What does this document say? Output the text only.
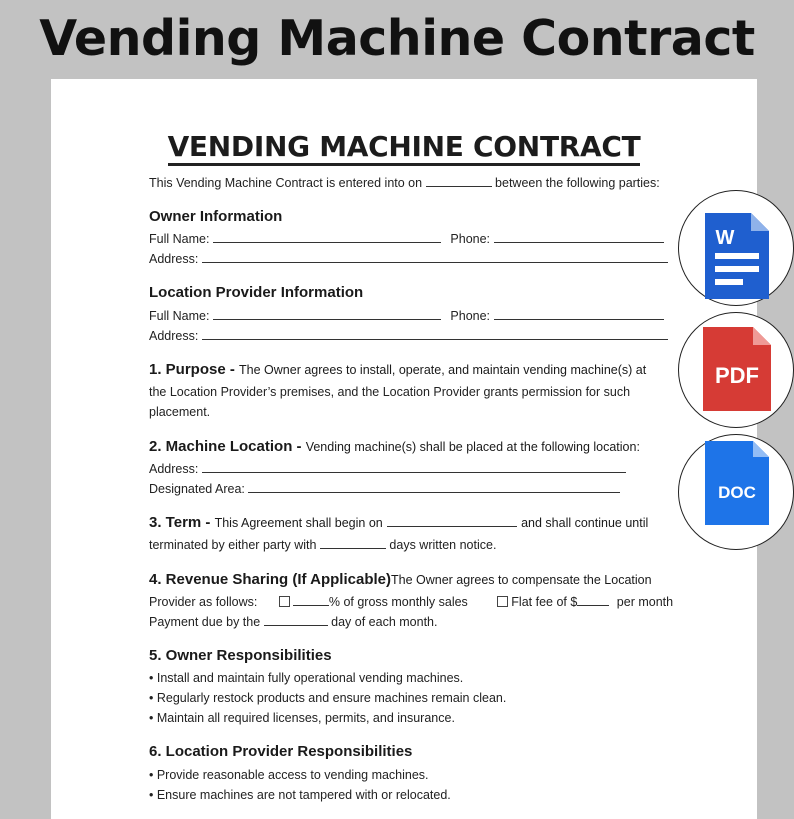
Vending Machine Contract
VENDING MACHINE CONTRACT
This Vending Machine Contract is entered into on	between the following parties:
Owner Information
Full Name:	Phone:
Address:
Location Provider Information
Full Name:	Phone:
Address:
1. Purpose - The Owner agrees to install, operate, and maintain vending machine(s) at
the Location Provider’s premises, and the Location Provider grants permission for such
placement.
2. Machine Location - Vending machine(s) shall be placed at the following location:
Address:
Designated Area:
3. Term - This Agreement shall begin on	and shall continue until
terminated by either party with	days written notice.
4. Revenue Sharing (If Applicable)The Owner agrees to compensate the Location
Provider as follows:	% of gross monthly sales	Flat fee of $	per month
Payment due by the	day of each month.
5. Owner Responsibilities
• Install and maintain fully operational vending machines.
• Regularly restock products and ensure machines remain clean.
• Maintain all required licenses, permits, and insurance.
6. Location Provider Responsibilities
• Provide reasonable access to vending machines.
• Ensure machines are not tampered with or relocated.
W
PDF
DOC
